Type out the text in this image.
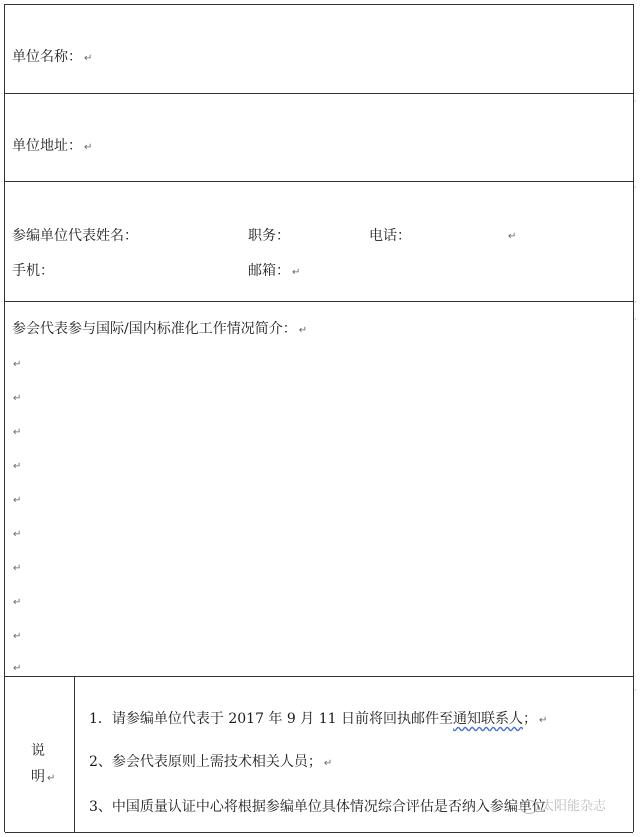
单位名称： ↵
单位地址： ↵
参编单位代表姓名：	职务：	电话：	↵
手机：	邮箱： ↵
参会代表参与国际/国内标准化工作情况简介： ↵
↵
↵
↵
↵
↵
↵
↵
↵
↵
↵
说
明 ↵
1．请参编单位代表于 2017 年 9 月 11 日前将回执邮件至通知联系人； ↵
2、参会代表原则上需技术相关人员； ↵
3、中国质量认证中心将根据参编单位具体情况综合评估是否纳入参编单位
·
·
·
·
·
太阳能杂志
